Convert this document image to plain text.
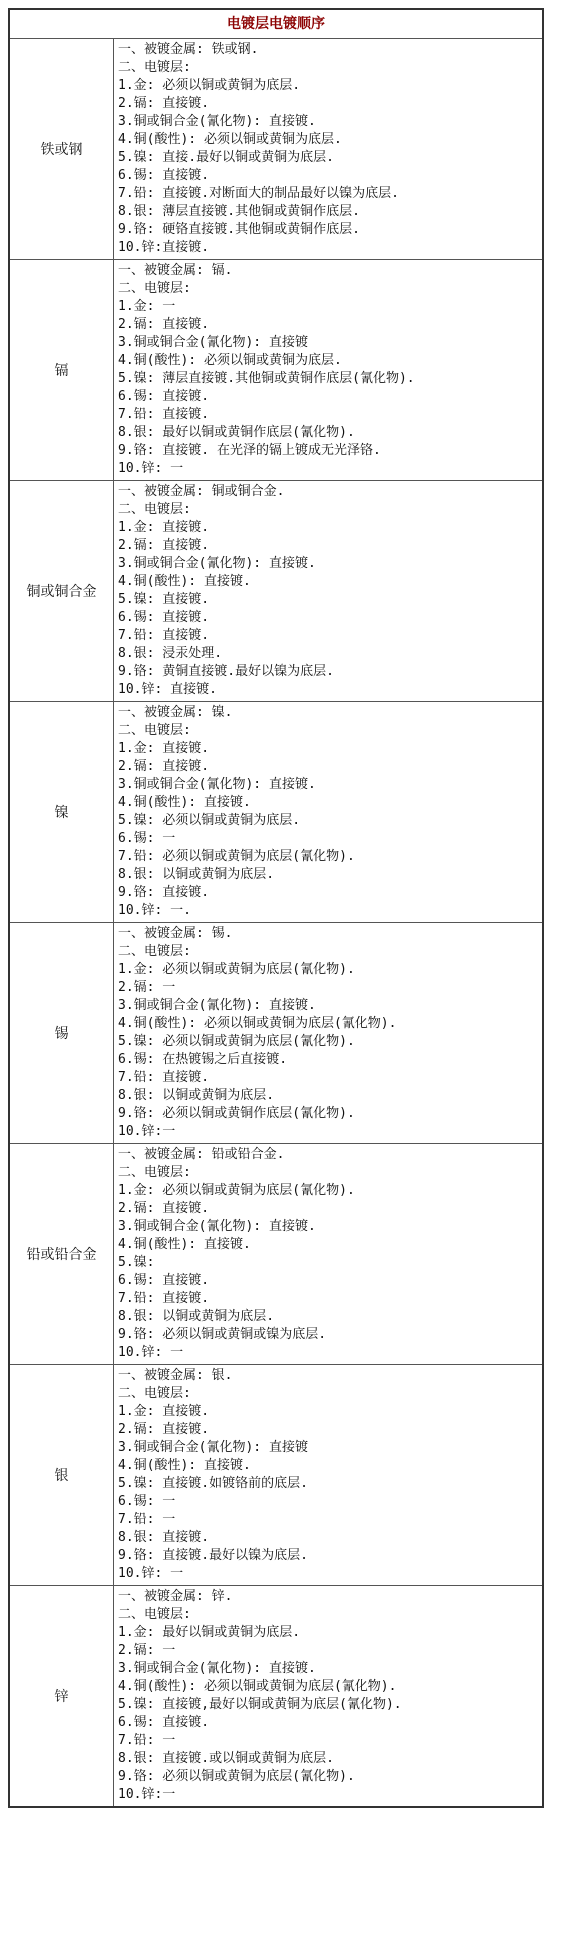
电镀层电镀顺序
铁或钢
一、被镀金属: 铁或钢.
二、电镀层:
1.金: 必须以铜或黄铜为底层.
2.镉: 直接镀.
3.铜或铜合金(氰化物): 直接镀.
4.铜(酸性): 必须以铜或黄铜为底层.
5.镍: 直接.最好以铜或黄铜为底层.
6.锡: 直接镀.
7.铅: 直接镀.对断面大的制品最好以镍为底层.
8.银: 薄层直接镀.其他铜或黄铜作底层.
9.铬: 硬铬直接镀.其他铜或黄铜作底层.
10.锌:直接镀.
镉
一、被镀金属: 镉.
二、电镀层:
1.金: 一
2.镉: 直接镀.
3.铜或铜合金(氰化物): 直接镀
4.铜(酸性): 必须以铜或黄铜为底层.
5.镍: 薄层直接镀.其他铜或黄铜作底层(氰化物).
6.锡: 直接镀.
7.铅: 直接镀.
8.银: 最好以铜或黄铜作底层(氰化物).
9.铬: 直接镀. 在光泽的镉上镀成无光泽铬.
10.锌: 一
铜或铜合金
一、被镀金属: 铜或铜合金.
二、电镀层:
1.金: 直接镀.
2.镉: 直接镀.
3.铜或铜合金(氰化物): 直接镀.
4.铜(酸性): 直接镀.
5.镍: 直接镀.
6.锡: 直接镀.
7.铅: 直接镀.
8.银: 浸汞处理.
9.铬: 黄铜直接镀.最好以镍为底层.
10.锌: 直接镀.
镍
一、被镀金属: 镍.
二、电镀层:
1.金: 直接镀.
2.镉: 直接镀.
3.铜或铜合金(氰化物): 直接镀.
4.铜(酸性): 直接镀.
5.镍: 必须以铜或黄铜为底层.
6.锡: 一
7.铅: 必须以铜或黄铜为底层(氰化物).
8.银: 以铜或黄铜为底层.
9.铬: 直接镀.
10.锌: 一.
锡
一、被镀金属: 锡.
二、电镀层:
1.金: 必须以铜或黄铜为底层(氰化物).
2.镉: 一
3.铜或铜合金(氰化物): 直接镀.
4.铜(酸性): 必须以铜或黄铜为底层(氰化物).
5.镍: 必须以铜或黄铜为底层(氰化物).
6.锡: 在热镀锡之后直接镀.
7.铅: 直接镀.
8.银: 以铜或黄铜为底层.
9.铬: 必须以铜或黄铜作底层(氰化物).
10.锌:一
铅或铅合金
一、被镀金属: 铅或铅合金.
二、电镀层:
1.金: 必须以铜或黄铜为底层(氰化物).
2.镉: 直接镀.
3.铜或铜合金(氰化物): 直接镀.
4.铜(酸性): 直接镀.
5.镍:
6.锡: 直接镀.
7.铅: 直接镀.
8.银: 以铜或黄铜为底层.
9.铬: 必须以铜或黄铜或镍为底层.
10.锌: 一
银
一、被镀金属: 银.
二、电镀层:
1.金: 直接镀.
2.镉: 直接镀.
3.铜或铜合金(氰化物): 直接镀
4.铜(酸性): 直接镀.
5.镍: 直接镀.如镀铬前的底层.
6.锡: 一
7.铅: 一
8.银: 直接镀.
9.铬: 直接镀.最好以镍为底层.
10.锌: 一
锌
一、被镀金属: 锌.
二、电镀层:
1.金: 最好以铜或黄铜为底层.
2.镉: 一
3.铜或铜合金(氰化物): 直接镀.
4.铜(酸性): 必须以铜或黄铜为底层(氰化物).
5.镍: 直接镀,最好以铜或黄铜为底层(氰化物).
6.锡: 直接镀.
7.铅: 一
8.银: 直接镀.或以铜或黄铜为底层.
9.铬: 必须以铜或黄铜为底层(氰化物).
10.锌:一
